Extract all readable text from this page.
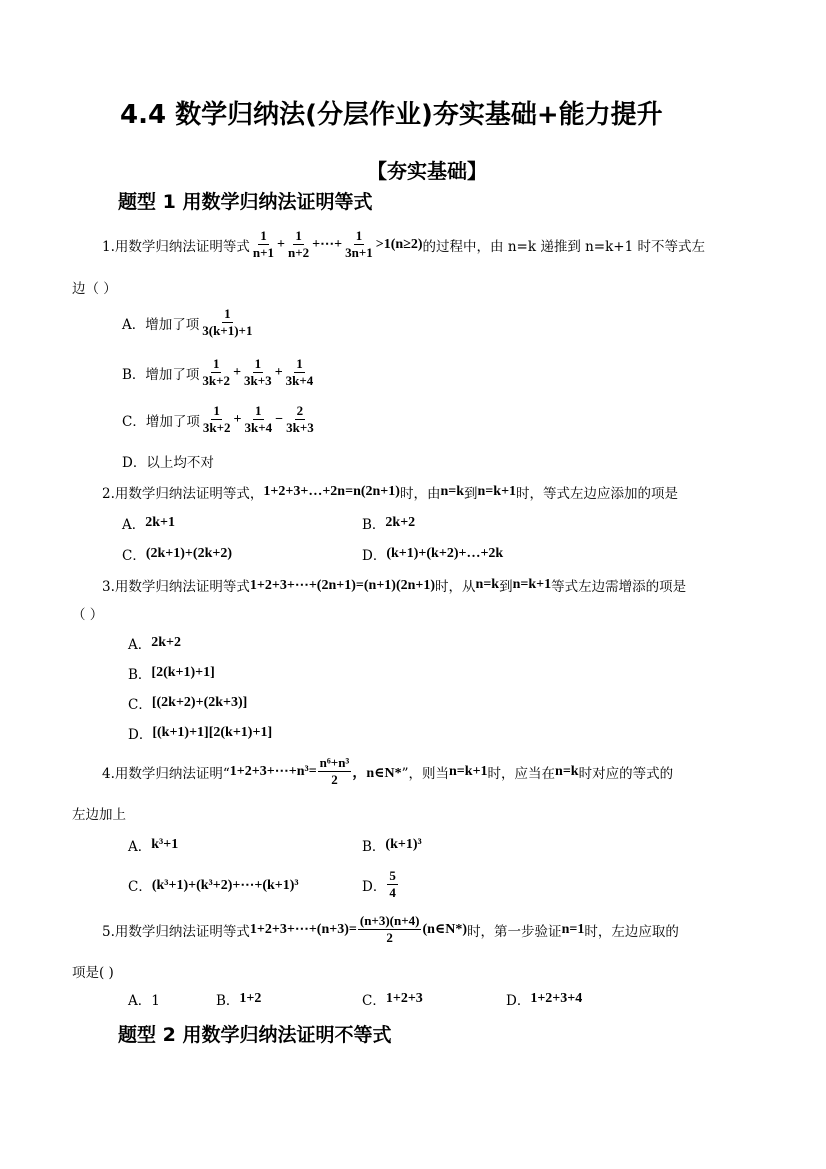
4.4 数学归纳法(分层作业)夯实基础+能力提升
【夯实基础】
题型 1 用数学归纳法证明等式
1.用数学归纳法证明等式
1
n+1
+ $\frac{1}{n+2}$ +⋯+ $\frac{1}{3n+1} >1(n\ge 2)$ 的过程中，由 n=k 递推到 n=k+1 时不等式左
边（ ）
A．增加了项
1
3(k+1)+1
B．增加了项
1
3k+2
+ $\frac{1}{3k+3} + \frac{1}{3k+4}$
C．增加了项
1
3k+2
+ $\frac{1}{3k+4} - \frac{2}{3k+3}$
D．以上均不对
2.用数学归纳法证明等式， 1+2+3+…+2n=n(2n+1) 时，由 n=k 到 n=k+1 时，等式左边应添加的项是
A． 2k+1	B． 2k+2
C． (2k+1)+(2k+2)	D． (k+1)+(k+2)+…+2k
3.用数学归纳法证明等式 1+2+3+⋯+(2n+1)=(n+1)(2n+1) 时，从 n=k 到 n=k+1 等式左边需增添的项是
（ ）
A． 2k+2
B． [2(k+1)+1]
C． [(2k+2)+(2k+3)]
D． [(k+1)+1][2(k+1)+1]
4.用数学归纳法证明“ 1+2+3+⋯+n³= $\frac{\text{n⁶+n³}}{2}$ ，n∈N* ”，则当 n=k+1 时，应当在 n=k 时对应的等式的
左边加上
A． k³+1	B． (k+1)³
C． (k³+1)+(k³+2)+⋯+(k+1)³	D．
5
4
5.用数学归纳法证明等式 1+2+3+⋯+(n+3)= $\frac{(n+3)(n+4)}{2}$ (n∈N*) 时，第一步验证 n=1 时，左边应取的
项是( )
A．1	B． 1+2	C． 1+2+3	D． 1+2+3+4
题型 2 用数学归纳法证明不等式
